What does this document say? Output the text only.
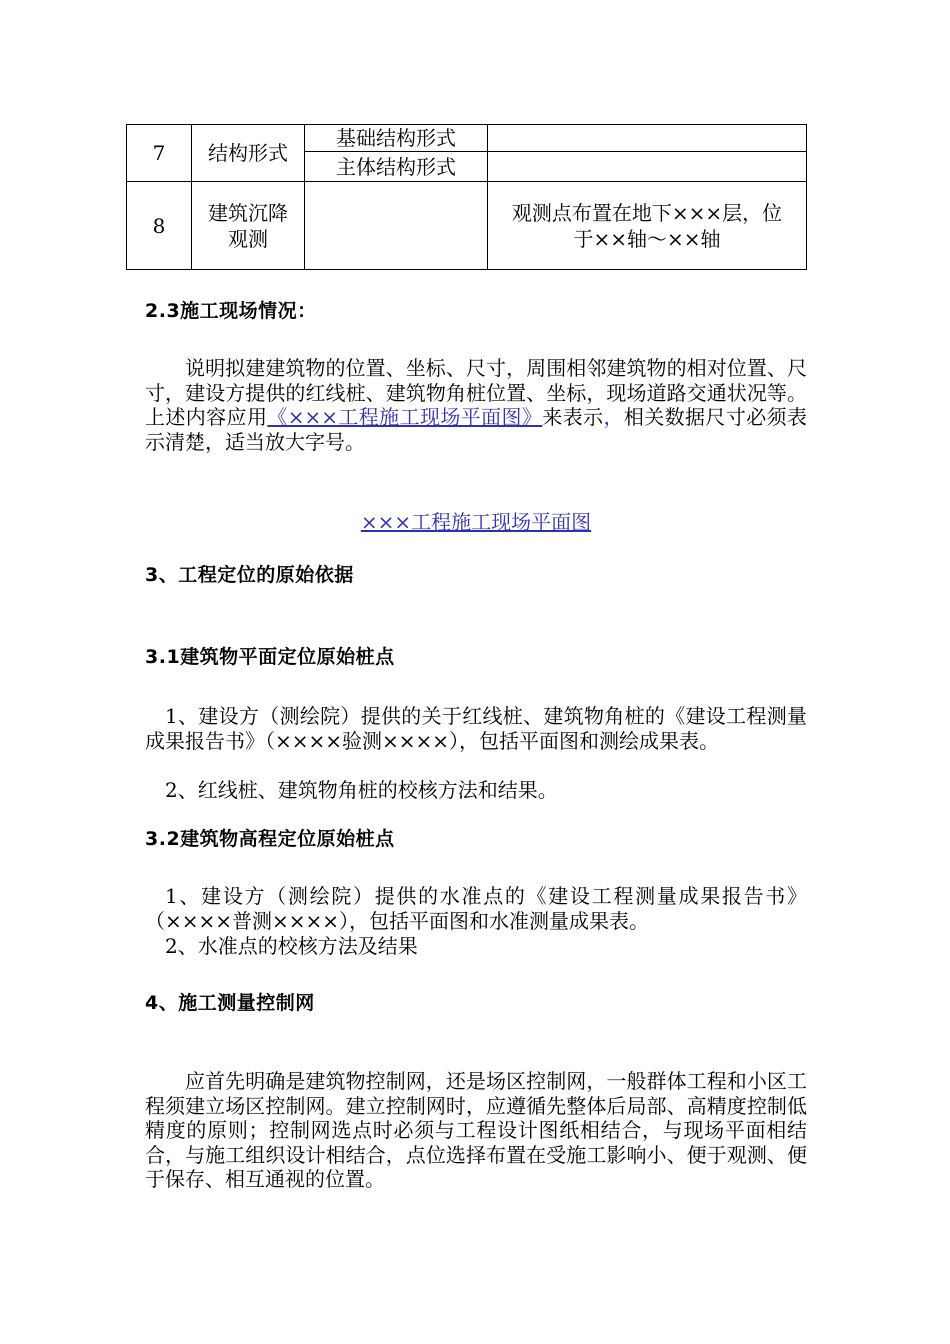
7	结构形式	基础结构形式	
		主体结构形式	
8	建筑沉降观测		观测点布置在地下×××层，位于××轴～××轴
2.3施工现场情况：
说明拟建建筑物的位置、坐标、尺寸，周围相邻建筑物的相对位置、尺寸，建设方提供的红线桩、建筑物角桩位置、坐标，现场道路交通状况等。上述内容应用《×××工程施工现场平面图》来表示，相关数据尺寸必须表示清楚，适当放大字号。
×××工程施工现场平面图
3、工程定位的原始依据
3.1建筑物平面定位原始桩点
1、建设方（测绘院）提供的关于红线桩、建筑物角桩的《建设工程测量成果报告书》（××××验测××××），包括平面图和测绘成果表。
2、红线桩、建筑物角桩的校核方法和结果。
3.2建筑物高程定位原始桩点
1、建设方（测绘院）提供的水准点的《建设工程测量成果报告书》（××××普测××××），包括平面图和水准测量成果表。
2、水准点的校核方法及结果
4、施工测量控制网
应首先明确是建筑物控制网，还是场区控制网，一般群体工程和小区工程须建立场区控制网。建立控制网时，应遵循先整体后局部、高精度控制低精度的原则；控制网选点时必须与工程设计图纸相结合，与现场平面相结合，与施工组织设计相结合，点位选择布置在受施工影响小、便于观测、便于保存、相互通视的位置。
